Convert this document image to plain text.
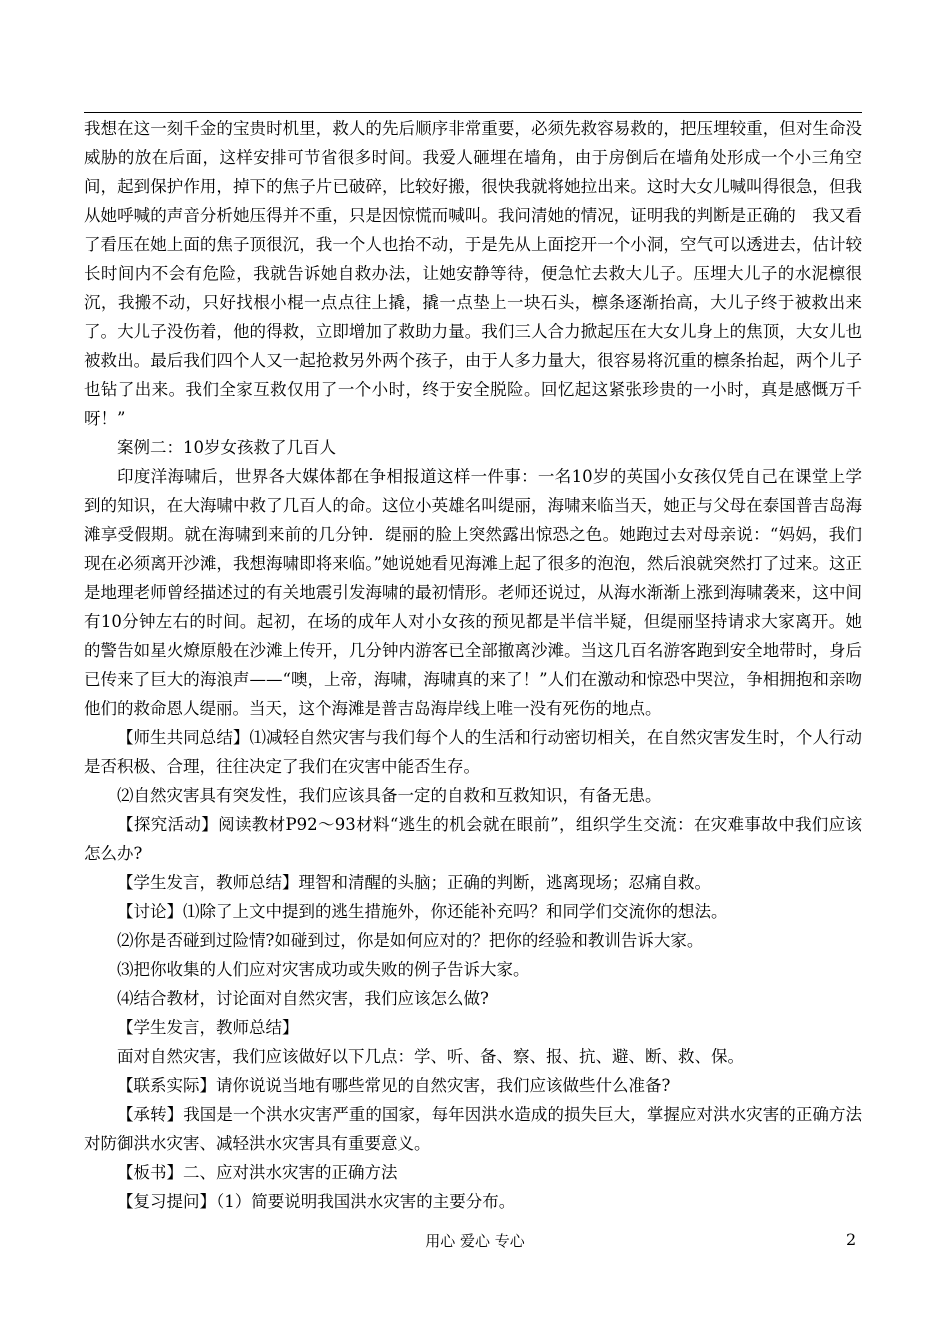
我想在这一刻千金的宝贵时机里，救人的先后顺序非常重要，必须先救容易救的，把压埋较重，但对生命没威胁的放在后面，这样安排可节省很多时间。我爱人砸埋在墙角，由于房倒后在墙角处形成一个小三角空间，起到保护作用，掉下的焦子片已破碎，比较好搬，很快我就将她拉出来。这时大女儿喊叫得很急，但我从她呼喊的声音分析她压得并不重，只是因惊慌而喊叫。我问清她的情况，证明我的判断是正确的　我又看了看压在她上面的焦子顶很沉，我一个人也抬不动，于是先从上面挖开一个小洞，空气可以透进去，估计较长时间内不会有危险，我就告诉她自救办法，让她安静等待，便急忙去救大儿子。压埋大儿子的水泥檩很沉，我搬不动，只好找根小棍一点点往上撬，撬一点垫上一块石头，檩条逐渐抬高，大儿子终于被救出来了。大儿子没伤着，他的得救，立即增加了救助力量。我们三人合力掀起压在大女儿身上的焦顶，大女儿也被救出。最后我们四个人又一起抢救另外两个孩子，由于人多力量大，很容易将沉重的檩条抬起，两个儿子也钻了出来。我们全家互救仅用了一个小时，终于安全脱险。回忆起这紧张珍贵的一小时，真是感慨万千呀！”

案例二：10岁女孩救了几百人

印度洋海啸后，世界各大媒体都在争相报道这样一件事：一名10岁的英国小女孩仅凭自己在课堂上学到的知识，在大海啸中救了几百人的命。这位小英雄名叫缇丽，海啸来临当天，她正与父母在泰国普吉岛海滩享受假期。就在海啸到来前的几分钟．缇丽的脸上突然露出惊恐之色。她跑过去对母亲说：“妈妈，我们现在必须离开沙滩，我想海啸即将来临。”她说她看见海滩上起了很多的泡泡，然后浪就突然打了过来。这正是地理老师曾经描述过的有关地震引发海啸的最初情形。老师还说过，从海水渐渐上涨到海啸袭来，这中间有10分钟左右的时间。起初，在场的成年人对小女孩的预见都是半信半疑，但缇丽坚持请求大家离开。她的警告如星火燎原般在沙滩上传开，几分钟内游客已全部撤离沙滩。当这几百名游客跑到安全地带时，身后已传来了巨大的海浪声——“噢，上帝，海啸，海啸真的来了！”人们在激动和惊恐中哭泣，争相拥抱和亲吻他们的救命恩人缇丽。当天，这个海滩是普吉岛海岸线上唯一没有死伤的地点。

【师生共同总结】⑴减轻自然灾害与我们每个人的生活和行动密切相关，在自然灾害发生时，个人行动是否积极、合理，往往决定了我们在灾害中能否生存。

⑵自然灾害具有突发性，我们应该具备一定的自救和互救知识，有备无患。

【探究活动】阅读教材P92～93材料“逃生的机会就在眼前”，组织学生交流：在灾难事故中我们应该怎么办?

【学生发言，教师总结】理智和清醒的头脑；正确的判断，逃离现场；忍痛自救。

【讨论】⑴除了上文中提到的逃生措施外，你还能补充吗？和同学们交流你的想法。

⑵你是否碰到过险情?如碰到过，你是如何应对的？把你的经验和教训告诉大家。

⑶把你收集的人们应对灾害成功或失败的例子告诉大家。

⑷结合教材，讨论面对自然灾害，我们应该怎么做?

【学生发言，教师总结】

面对自然灾害，我们应该做好以下几点：学、听、备、察、报、抗、避、断、救、保。

【联系实际】请你说说当地有哪些常见的自然灾害，我们应该做些什么准备?

【承转】我国是一个洪水灾害严重的国家，每年因洪水造成的损失巨大，掌握应对洪水灾害的正确方法对防御洪水灾害、减轻洪水灾害具有重要意义。

【板书】二、应对洪水灾害的正确方法

【复习提问】（1）简要说明我国洪水灾害的主要分布。

用心 爱心 专心	2
